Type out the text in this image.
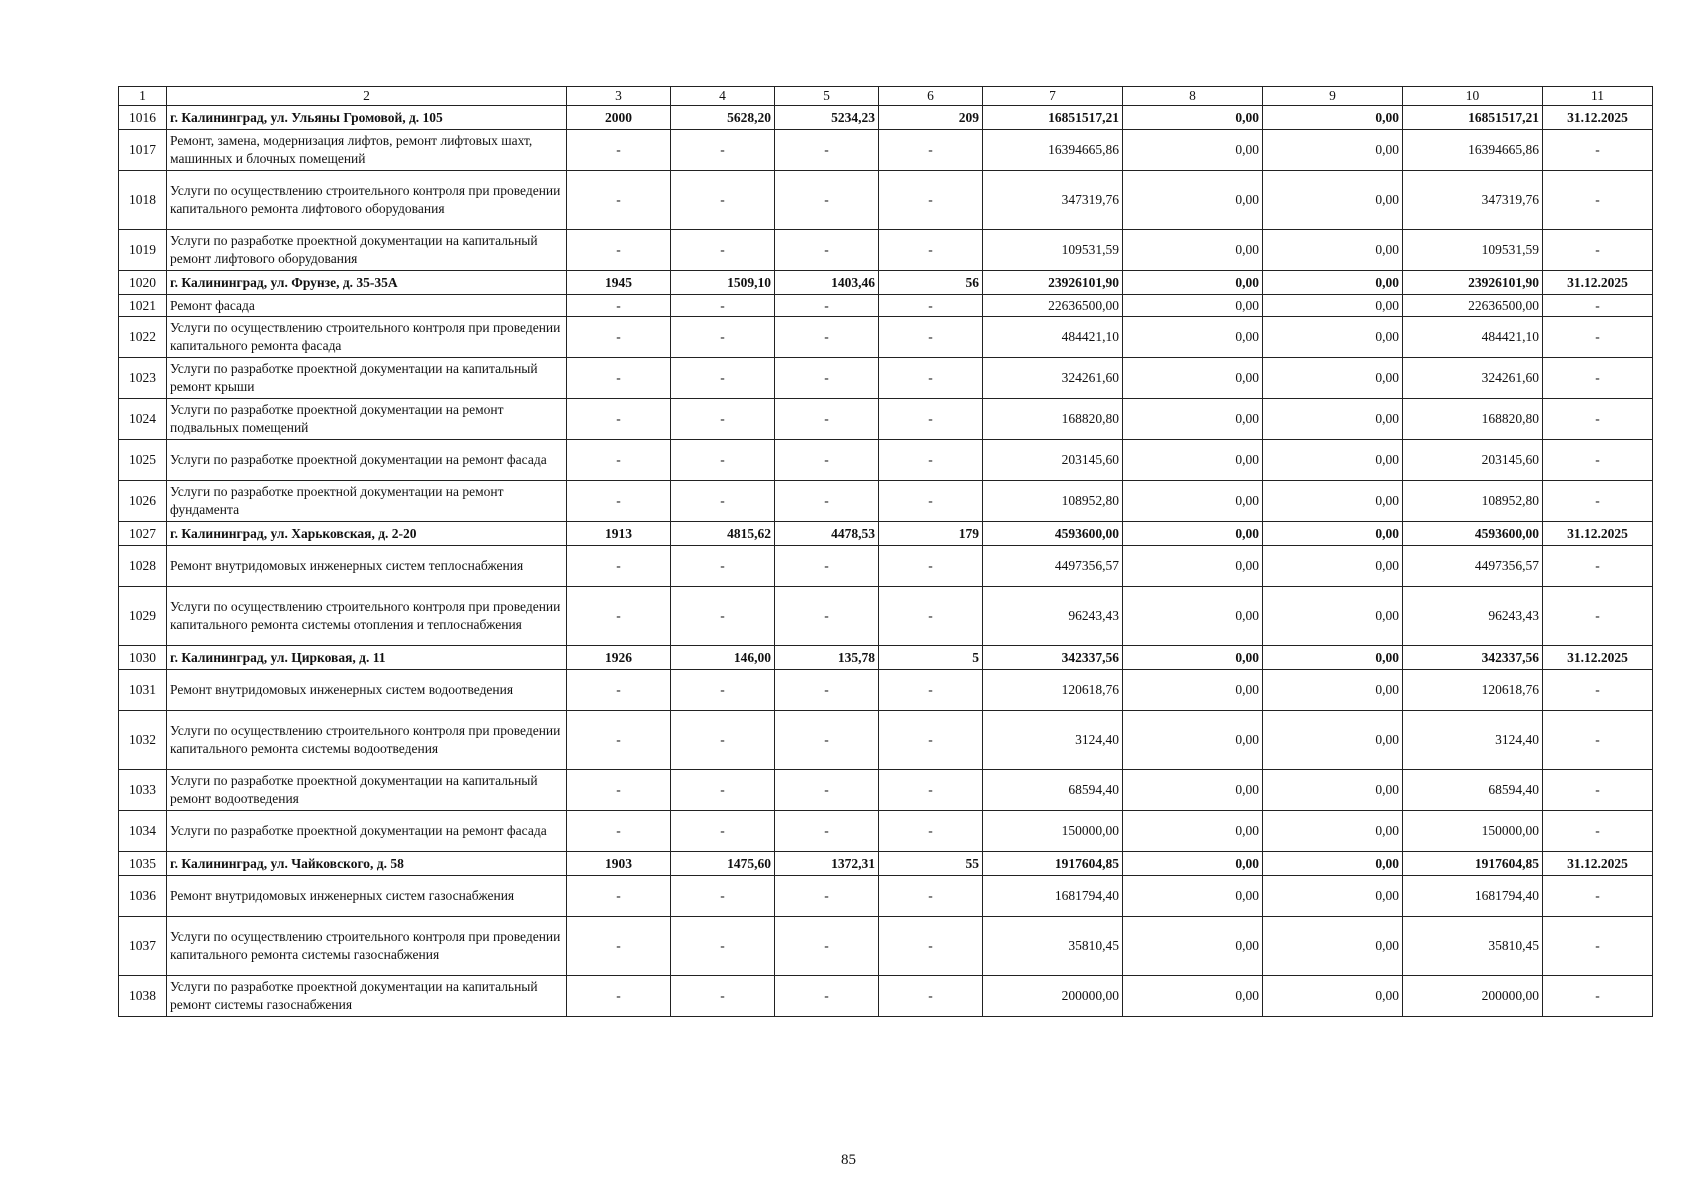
1	2	3	4	5	6	7	8	9	10	11
1016	г. Калининград, ул. Ульяны Громовой, д. 105	2000	5628,20	5234,23	209	16851517,21	0,00	0,00	16851517,21	31.12.2025
1017	Ремонт, замена, модернизация лифтов, ремонт лифтовых шахт, машинных и блочных помещений	-	-	-	-	16394665,86	0,00	0,00	16394665,86	-
1018	Услуги по осуществлению строительного контроля при проведении капитального ремонта лифтового оборудования	-	-	-	-	347319,76	0,00	0,00	347319,76	-
1019	Услуги по разработке проектной документации на капитальный ремонт лифтового оборудования	-	-	-	-	109531,59	0,00	0,00	109531,59	-
1020	г. Калининград, ул. Фрунзе, д. 35-35А	1945	1509,10	1403,46	56	23926101,90	0,00	0,00	23926101,90	31.12.2025
1021	Ремонт фасада	-	-	-	-	22636500,00	0,00	0,00	22636500,00	-
1022	Услуги по осуществлению строительного контроля при проведении капитального ремонта фасада	-	-	-	-	484421,10	0,00	0,00	484421,10	-
1023	Услуги по разработке проектной документации на капитальный ремонт крыши	-	-	-	-	324261,60	0,00	0,00	324261,60	-
1024	Услуги по разработке проектной документации на ремонт подвальных помещений	-	-	-	-	168820,80	0,00	0,00	168820,80	-
1025	Услуги по разработке проектной документации на ремонт фасада	-	-	-	-	203145,60	0,00	0,00	203145,60	-
1026	Услуги по разработке проектной документации на ремонт фундамента	-	-	-	-	108952,80	0,00	0,00	108952,80	-
1027	г. Калининград, ул. Харьковская, д. 2-20	1913	4815,62	4478,53	179	4593600,00	0,00	0,00	4593600,00	31.12.2025
1028	Ремонт внутридомовых инженерных систем теплоснабжения	-	-	-	-	4497356,57	0,00	0,00	4497356,57	-
1029	Услуги по осуществлению строительного контроля при проведении капитального ремонта системы отопления и теплоснабжения	-	-	-	-	96243,43	0,00	0,00	96243,43	-
1030	г. Калининград, ул. Цирковая, д. 11	1926	146,00	135,78	5	342337,56	0,00	0,00	342337,56	31.12.2025
1031	Ремонт внутридомовых инженерных систем водоотведения	-	-	-	-	120618,76	0,00	0,00	120618,76	-
1032	Услуги по осуществлению строительного контроля при проведении капитального ремонта системы водоотведения	-	-	-	-	3124,40	0,00	0,00	3124,40	-
1033	Услуги по разработке проектной документации на капитальный ремонт водоотведения	-	-	-	-	68594,40	0,00	0,00	68594,40	-
1034	Услуги по разработке проектной документации на ремонт фасада	-	-	-	-	150000,00	0,00	0,00	150000,00	-
1035	г. Калининград, ул. Чайковского, д. 58	1903	1475,60	1372,31	55	1917604,85	0,00	0,00	1917604,85	31.12.2025
1036	Ремонт внутридомовых инженерных систем газоснабжения	-	-	-	-	1681794,40	0,00	0,00	1681794,40	-
1037	Услуги по осуществлению строительного контроля при проведении капитального ремонта системы газоснабжения	-	-	-	-	35810,45	0,00	0,00	35810,45	-
1038	Услуги по разработке проектной документации на капитальный ремонт системы газоснабжения	-	-	-	-	200000,00	0,00	0,00	200000,00	-
85
